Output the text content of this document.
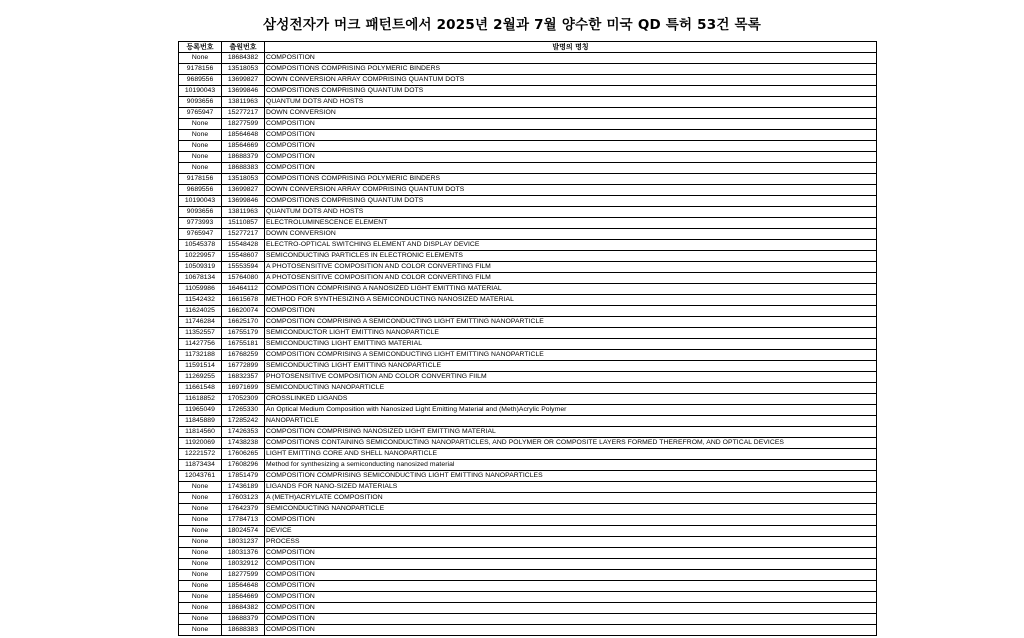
삼성전자가 머크 패턴트에서 2025년 2월과 7월 양수한 미국 QD 특허 53건 목록
등록번호	출원번호	발명의 명칭
None	18684382	COMPOSITION
9178156	13518053	COMPOSITIONS COMPRISING POLYMERIC BINDERS
9689556	13699827	DOWN CONVERSION ARRAY COMPRISING QUANTUM DOTS
10190043	13699846	COMPOSITIONS COMPRISING QUANTUM DOTS
9093656	13811963	QUANTUM DOTS AND HOSTS
9765947	15277217	DOWN CONVERSION
None	18277599	COMPOSITION
None	18564648	COMPOSITION
None	18564669	COMPOSITION
None	18688379	COMPOSITION
None	18688383	COMPOSITION
9178156	13518053	COMPOSITIONS COMPRISING POLYMERIC BINDERS
9689556	13699827	DOWN CONVERSION ARRAY COMPRISING QUANTUM DOTS
10190043	13699846	COMPOSITIONS COMPRISING QUANTUM DOTS
9093656	13811963	QUANTUM DOTS AND HOSTS
9773993	15110857	ELECTROLUMINESCENCE ELEMENT
9765947	15277217	DOWN CONVERSION
10545378	15548428	ELECTRO-OPTICAL SWITCHING ELEMENT AND DISPLAY DEVICE
10229957	15548607	SEMICONDUCTING PARTICLES IN ELECTRONIC ELEMENTS
10509319	15553594	A PHOTOSENSITIVE COMPOSITION AND COLOR CONVERTING FILM
10678134	15764080	A PHOTOSENSITIVE COMPOSITION AND COLOR CONVERTING FILM
11059986	16464112	COMPOSITION COMPRISING A NANOSIZED LIGHT EMITTING MATERIAL
11542432	16615678	METHOD FOR SYNTHESIZING A SEMICONDUCTING NANOSIZED MATERIAL
11624025	16620074	COMPOSITION
11746284	16625170	COMPOSITION COMPRISING A SEMICONDUCTING LIGHT EMITTING NANOPARTICLE
11352557	16755179	SEMICONDUCTOR LIGHT EMITTING NANOPARTICLE
11427756	16755181	SEMICONDUCTING LIGHT EMITTING MATERIAL
11732188	16768259	COMPOSITION COMPRISING A SEMICONDUCTING LIGHT EMITTING NANOPARTICLE
11591514	16772899	SEMICONDUCTING LIGHT EMITTING NANOPARTICLE
11269255	16832357	PHOTOSENSITIVE COMPOSITION AND COLOR CONVERTING FIILM
11661548	16971699	SEMICONDUCTING NANOPARTICLE
11618852	17052309	CROSSLINKED LIGANDS
11965049	17265330	An Optical Medium Composition with Nanosized Light Emitting Material and (Meth)Acrylic Polymer
11845889	17285242	NANOPARTICLE
11814560	17426353	COMPOSITION COMPRISING NANOSIZED LIGHT EMITTING MATERIAL
11920069	17438238	COMPOSITIONS CONTAINING SEMICONDUCTING NANOPARTICLES, AND POLYMER OR COMPOSITE LAYERS FORMED THEREFROM, AND OPTICAL DEVICES
12221572	17606265	LIGHT EMITTING CORE AND SHELL NANOPARTICLE
11873434	17608296	Method for synthesizing a semiconducting nanosized material
12043761	17851479	COMPOSITION COMPRISING SEMICONDUCTING LIGHT EMITTING NANOPARTICLES
None	17436189	LIGANDS FOR NANO-SIZED MATERIALS
None	17603123	A (METH)ACRYLATE COMPOSITION
None	17642379	SEMICONDUCTING NANOPARTICLE
None	17784713	COMPOSITION
None	18024574	DEVICE
None	18031237	PROCESS
None	18031376	COMPOSITION
None	18032912	COMPOSITION
None	18277599	COMPOSITION
None	18564648	COMPOSITION
None	18564669	COMPOSITION
None	18684382	COMPOSITION
None	18688379	COMPOSITION
None	18688383	COMPOSITION
